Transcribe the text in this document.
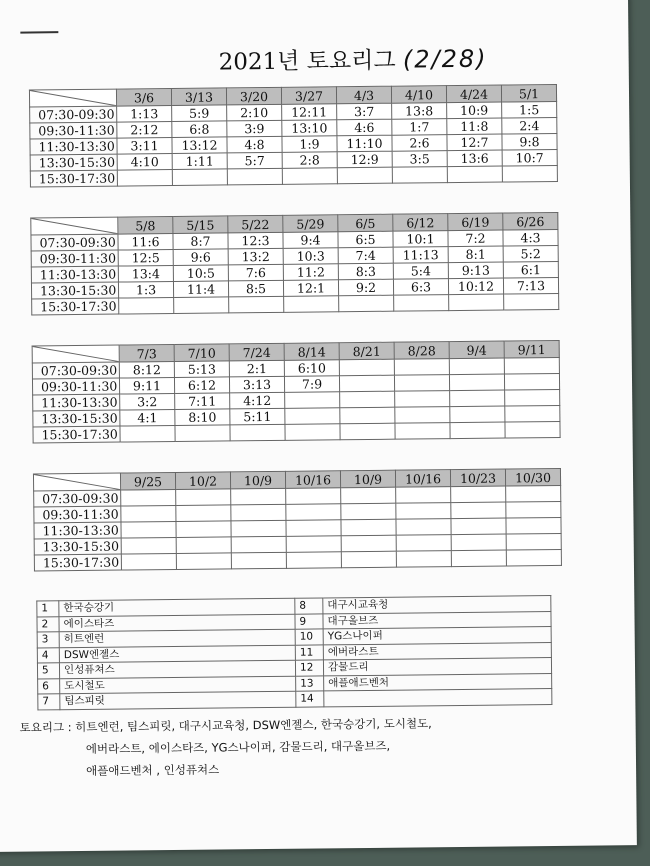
2021년 토요리그 (2/28)
	3/6	3/13	3/20	3/27	4/3	4/10	4/24	5/1
07:30-09:30	1:13	5:9	2:10	12:11	3:7	13:8	10:9	1:5
09:30-11:30	2:12	6:8	3:9	13:10	4:6	1:7	11:8	2:4
11:30-13:30	3:11	13:12	4:8	1:9	11:10	2:6	12:7	9:8
13:30-15:30	4:10	1:11	5:7	2:8	12:9	3:5	13:6	10:7
15:30-17:30								
	5/8	5/15	5/22	5/29	6/5	6/12	6/19	6/26
07:30-09:30	11:6	8:7	12:3	9:4	6:5	10:1	7:2	4:3
09:30-11:30	12:5	9:6	13:2	10:3	7:4	11:13	8:1	5:2
11:30-13:30	13:4	10:5	7:6	11:2	8:3	5:4	9:13	6:1
13:30-15:30	1:3	11:4	8:5	12:1	9:2	6:3	10:12	7:13
15:30-17:30								
	7/3	7/10	7/24	8/14	8/21	8/28	9/4	9/11
07:30-09:30	8:12	5:13	2:1	6:10				
09:30-11:30	9:11	6:12	3:13	7:9				
11:30-13:30	3:2	7:11	4:12					
13:30-15:30	4:1	8:10	5:11					
15:30-17:30								
	9/25	10/2	10/9	10/16	10/9	10/16	10/23	10/30
07:30-09:30								
09:30-11:30								
11:30-13:30								
13:30-15:30								
15:30-17:30								
1	한국승강기	8	대구시교육청
2	에이스타즈	9	대구올브즈
3	히트엔런	10	YG스나이퍼
4	DSW엔젤스	11	에버라스트
5	인성퓨쳐스	12	감물드리
6	도시철도	13	애플애드벤처
7	팀스피릿	14	
토요리그 : 히트엔런, 팀스피릿, 대구시교육청, DSW엔젤스, 한국승강기, 도시철도,
에버라스트, 에이스타즈, YG스나이퍼, 감물드리, 대구올브즈,
애플애드벤처 , 인성퓨쳐스
